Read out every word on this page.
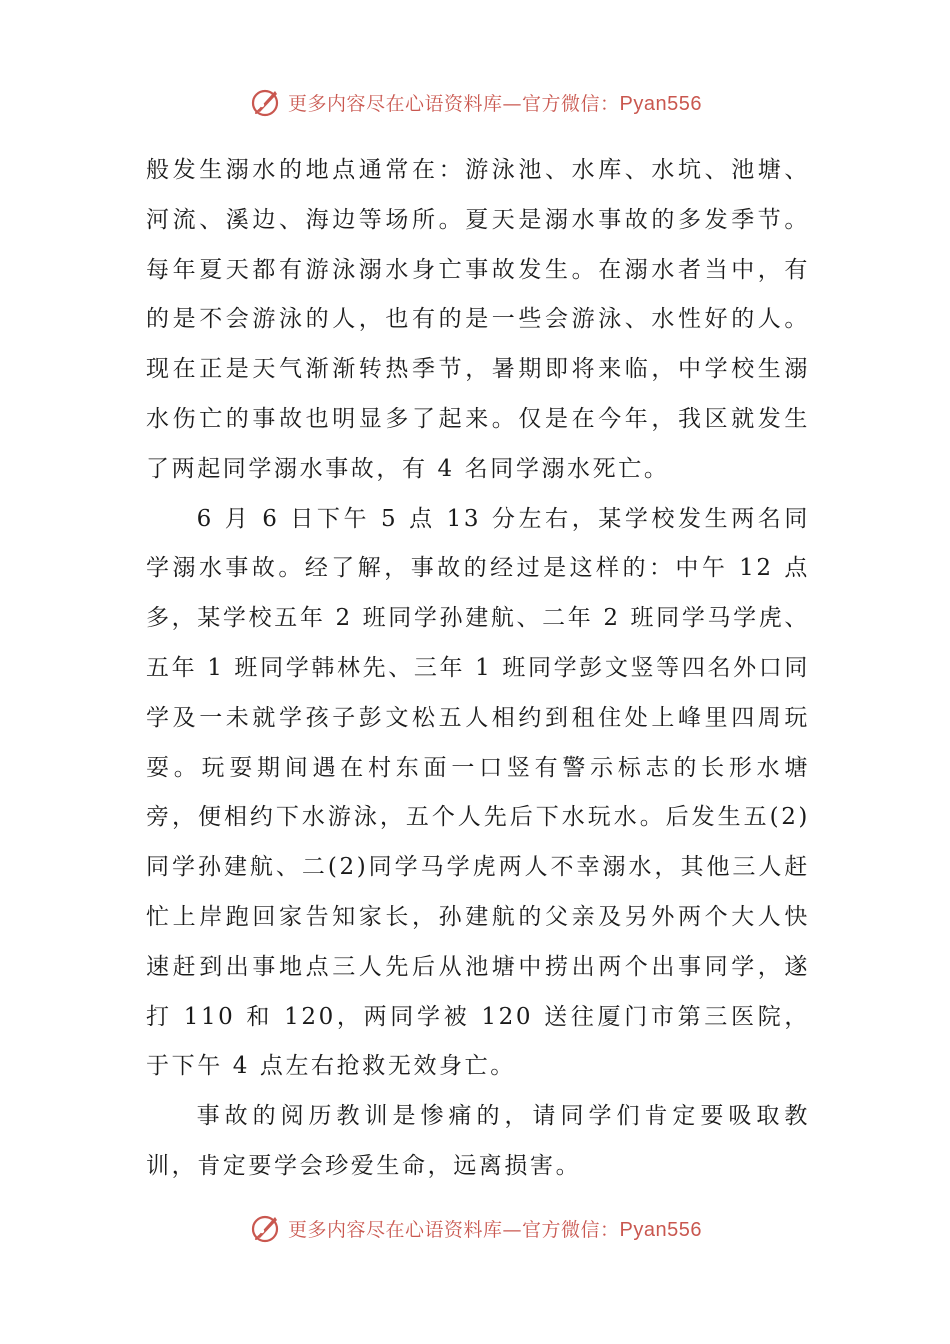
更多内容尽在心语资料库—官方微信：Pyan556

般发生溺水的地点通常在：游泳池、水库、水坑、池塘、河流、溪边、海边等场所。夏天是溺水事故的多发季节。每年夏天都有游泳溺水身亡事故发生。在溺水者当中，有的是不会游泳的人，也有的是一些会游泳、水性好的人。现在正是天气渐渐转热季节，暑期即将来临，中学校生溺水伤亡的事故也明显多了起来。仅是在今年，我区就发生了两起同学溺水事故，有 4 名同学溺水死亡。

6 月 6 日下午 5 点 13 分左右，某学校发生两名同学溺水事故。经了解，事故的经过是这样的：中午 12 点多，某学校五年 2 班同学孙建航、二年 2 班同学马学虎、五年 1 班同学韩林先、三年 1 班同学彭文竖等四名外口同学及一未就学孩子彭文松五人相约到租住处上峰里四周玩耍。玩耍期间遇在村东面一口竖有警示标志的长形水塘旁，便相约下水游泳，五个人先后下水玩水。后发生五(2)同学孙建航、二(2)同学马学虎两人不幸溺水，其他三人赶忙上岸跑回家告知家长，孙建航的父亲及另外两个大人快速赶到出事地点三人先后从池塘中捞出两个出事同学，遂打 110 和 120，两同学被 120 送往厦门市第三医院，于下午 4 点左右抢救无效身亡。

事故的阅历教训是惨痛的，请同学们肯定要吸取教训，肯定要学会珍爱生命，远离损害。

更多内容尽在心语资料库—官方微信：Pyan556
